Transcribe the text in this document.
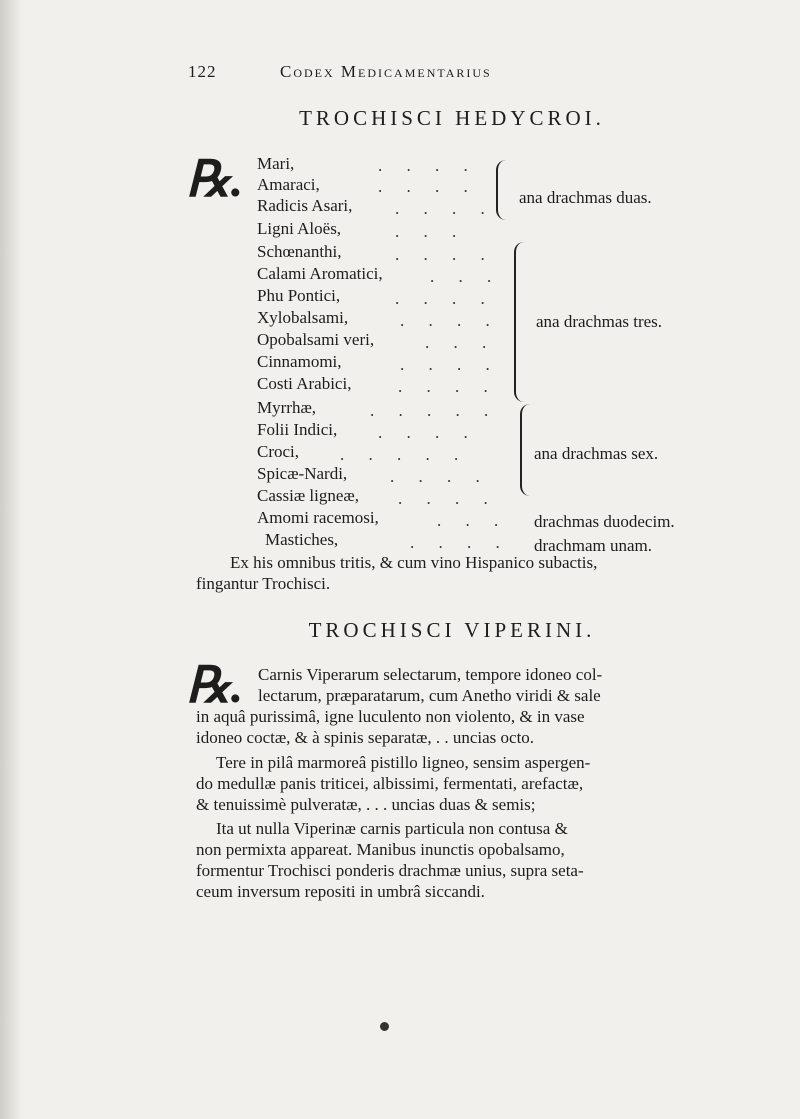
122	Codex Medicamentarius
TROCHISCI HEDYCROI.
℞. Mari,
Amaraci,
Radicis Asari,
Ligni Aloës,
Schœnanthi,
Calami Aromatici,
Phu Pontici,
Xylobalsami,
Opobalsami veri,
Cinnamomi,
Costi Arabici,
Myrrhæ,
Folii Indici,
Croci,
Spicæ-Nardi,
Cassiæ ligneæ,
Amomi racemosi,
Mastiches,
. . . .
. . . .
. . . .
. . .
. . . .
. . .
. . . .
. . . .
. . .
. . . .
. . . .
. . . . .
. . . .
. . . . .
. . . .
. . . .
. . .
. . . .
ana drachmas duas.
ana drachmas tres.
ana drachmas sex.
drachmas duodecim.
drachmam unam.
Ex his omnibus tritis, & cum vino Hispanico subactis,
fingantur Trochisci.
TROCHISCI VIPERINI.
℞. Carnis Viperarum selectarum, tempore idoneo col-
lectarum, præparatarum, cum Anetho viridi & sale
in aquâ purissimâ, igne luculento non violento, & in vase
idoneo coctæ, & à spinis separatæ, . . uncias octo.
Tere in pilâ marmoreâ pistillo ligneo, sensim aspergen-
do medullæ panis triticei, albissimi, fermentati, arefactæ,
& tenuissimè pulveratæ, . . . uncias duas & semis;
Ita ut nulla Viperinæ carnis particula non contusa &
non permixta appareat. Manibus inunctis opobalsamo,
formentur Trochisci ponderis drachmæ unius, supra seta-
ceum inversum repositi in umbrâ siccandi.
